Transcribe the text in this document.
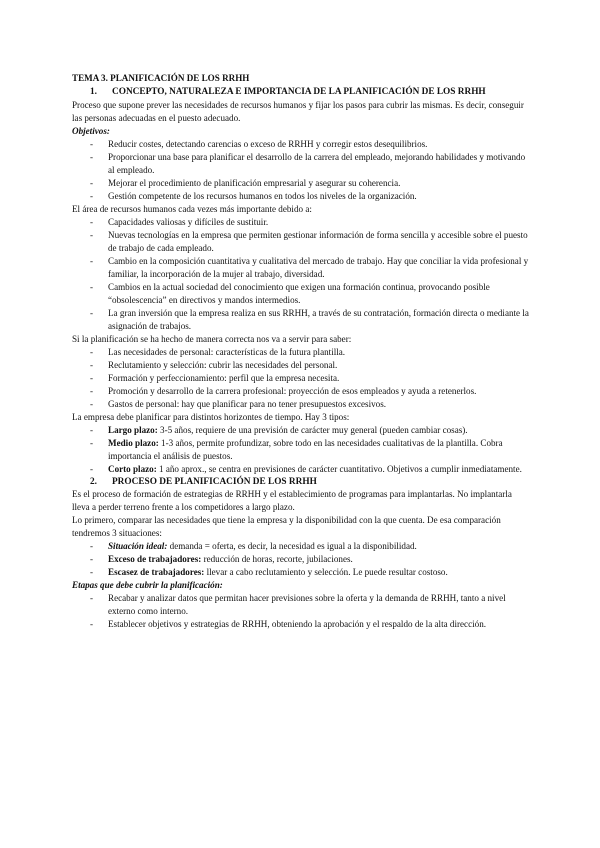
TEMA 3. PLANIFICACIÓN DE LOS RRHH
1.	CONCEPTO, NATURALEZA E IMPORTANCIA DE LA PLANIFICACIÓN DE LOS RRHH

Proceso que supone prever las necesidades de recursos humanos y fijar los pasos para cubrir las mismas. Es decir, conseguir las personas adecuadas en el puesto adecuado.

Objetivos:

-	Reducir costes, detectando carencias o exceso de RRHH y corregir estos desequilibrios.
-	Proporcionar una base para planificar el desarrollo de la carrera del empleado, mejorando habilidades y motivando al empleado.
-	Mejorar el procedimiento de planificación empresarial y asegurar su coherencia.
-	Gestión competente de los recursos humanos en todos los niveles de la organización.

El área de recursos humanos cada vezes más importante debido a:

-	Capacidades valiosas y difíciles de sustituir.
-	Nuevas tecnologías en la empresa que permiten gestionar información de forma sencilla y accesible sobre el puesto de trabajo de cada empleado.
-	Cambio en la composición cuantitativa y cualitativa del mercado de trabajo. Hay que conciliar la vida profesional y familiar, la incorporación de la mujer al trabajo, diversidad.
-	Cambios en la actual sociedad del conocimiento que exigen una formación continua, provocando posible “obsolescencia” en directivos y mandos intermedios.
-	La gran inversión que la empresa realiza en sus RRHH, a través de su contratación, formación directa o mediante la asignación de trabajos.

Si la planificación se ha hecho de manera correcta nos va a servir para saber:

-	Las necesidades de personal: características de la futura plantilla.
-	Reclutamiento y selección: cubrir las necesidades del personal.
-	Formación y perfeccionamiento: perfil que la empresa necesita.
-	Promoción y desarrollo de la carrera profesional: proyección de esos empleados y ayuda a retenerlos.
-	Gastos de personal: hay que planificar para no tener presupuestos excesivos.

La empresa debe planificar para distintos horizontes de tiempo. Hay 3 tipos:

-	Largo plazo: 3-5 años, requiere de una previsión de carácter muy general (pueden cambiar cosas).
-	Medio plazo: 1-3 años, permite profundizar, sobre todo en las necesidades cualitativas de la plantilla. Cobra importancia el análisis de puestos.
-	Corto plazo: 1 año aprox., se centra en previsiones de carácter cuantitativo. Objetivos a cumplir inmediatamente.
2.	PROCESO DE PLANIFICACIÓN DE LOS RRHH

Es el proceso de formación de estrategias de RRHH y el establecimiento de programas para implantarlas. No implantarla lleva a perder terreno frente a los competidores a largo plazo.

Lo primero, comparar las necesidades que tiene la empresa y la disponibilidad con la que cuenta. De esa comparación tendremos 3 situaciones:

-	Situación ideal: demanda = oferta, es decir, la necesidad es igual a la disponibilidad.
-	Exceso de trabajadores: reducción de horas, recorte, jubilaciones.
-	Escasez de trabajadores: llevar a cabo reclutamiento y selección. Le puede resultar costoso.

Etapas que debe cubrir la planificación:

-	Recabar y analizar datos que permitan hacer previsiones sobre la oferta y la demanda de RRHH, tanto a nivel externo como interno.
-	Establecer objetivos y estrategias de RRHH, obteniendo la aprobación y el respaldo de la alta dirección.
